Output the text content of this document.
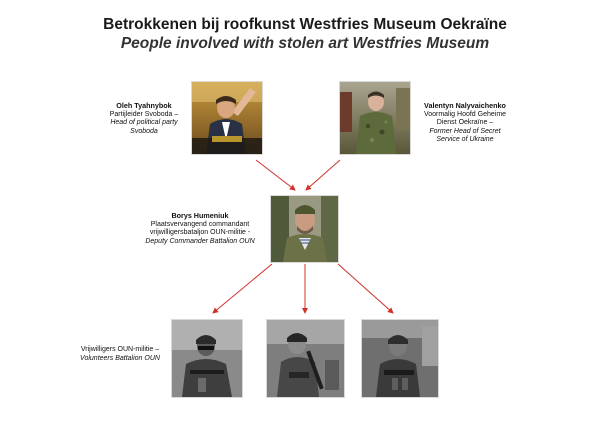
Betrokkenen bij roofkunst Westfries Museum Oekraïne
People involved with stolen art Westfries Museum
Oleh Tyahnybok
Partijleider Svoboda –
Head of political party
Svoboda
Valentyn Nalyvaichenko
Voormalig Hoofd Geheime
Dienst Oekraïne –
Former Head of Secret
Service of Ukraine
Borys Humeniuk
Plaatsvervangend commandant
vrijwilligersbataljon OUN-militie -
Deputy Commander Battalion OUN
Vrijwilligers OUN-militie –
Volunteers Battalion OUN
